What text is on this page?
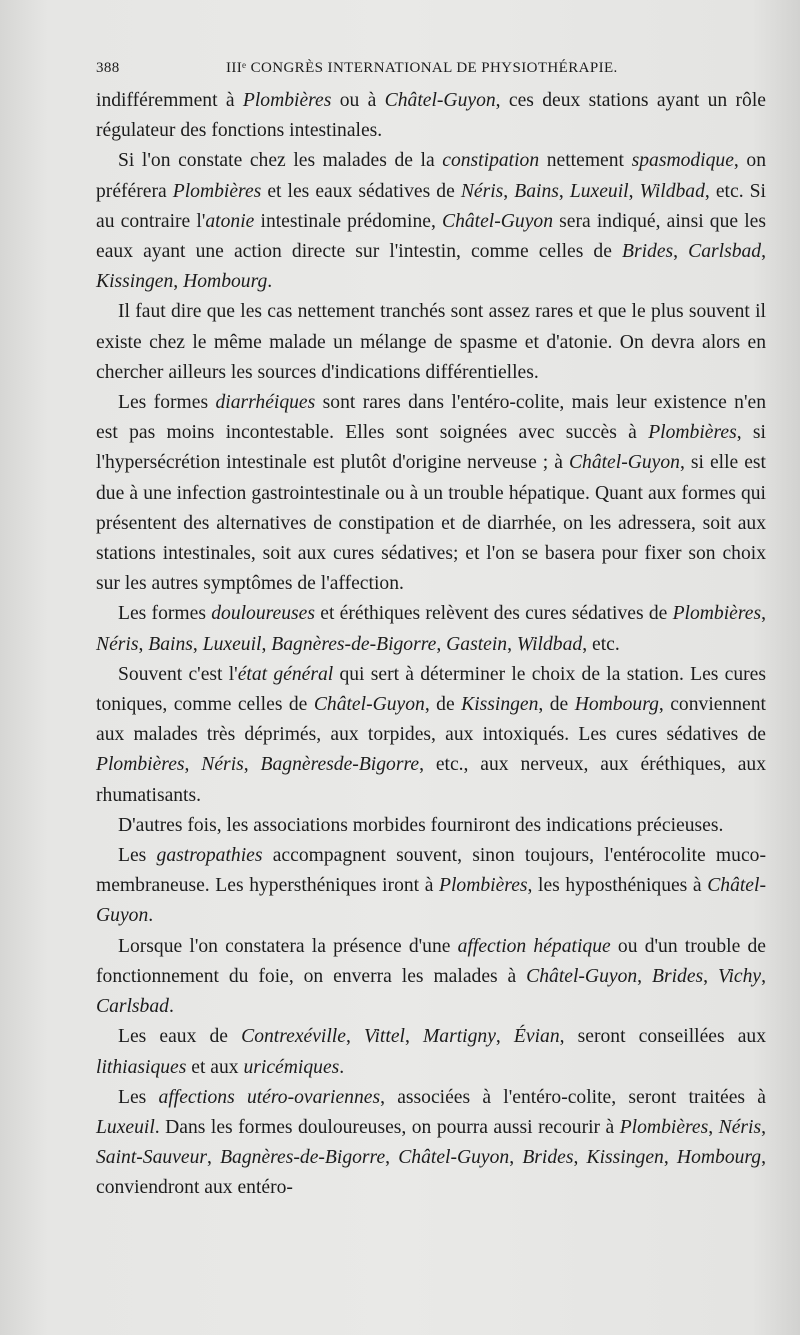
388	IIIᵉ CONGRÈS INTERNATIONAL DE PHYSIOTHÉRAPIE.

indifféremment à Plombières ou à Châtel-Guyon, ces deux stations ayant un rôle régulateur des fonctions intestinales.

Si l'on constate chez les malades de la constipation nettement spasmodique, on préférera Plombières et les eaux sédatives de Néris, Bains, Luxeuil, Wildbad, etc. Si au contraire l'atonie intestinale prédomine, Châtel-Guyon sera indiqué, ainsi que les eaux ayant une action directe sur l'intestin, comme celles de Brides, Carlsbad, Kissingen, Hombourg.

Il faut dire que les cas nettement tranchés sont assez rares et que le plus souvent il existe chez le même malade un mélange de spasme et d'atonie. On devra alors en chercher ailleurs les sources d'indications différentielles.

Les formes diarrhéiques sont rares dans l'entéro-colite, mais leur existence n'en est pas moins incontestable. Elles sont soignées avec succès à Plombières, si l'hypersécrétion intestinale est plutôt d'origine nerveuse ; à Châtel-Guyon, si elle est due à une infection gastrointestinale ou à un trouble hépatique. Quant aux formes qui présentent des alternatives de constipation et de diarrhée, on les adressera, soit aux stations intestinales, soit aux cures sédatives; et l'on se basera pour fixer son choix sur les autres symptômes de l'affection.

Les formes douloureuses et éréthiques relèvent des cures sédatives de Plombières, Néris, Bains, Luxeuil, Bagnères-de-Bigorre, Gastein, Wildbad, etc.

Souvent c'est l'état général qui sert à déterminer le choix de la station. Les cures toniques, comme celles de Châtel-Guyon, de Kissingen, de Hombourg, conviennent aux malades très déprimés, aux torpides, aux intoxiqués. Les cures sédatives de Plombières, Néris, Bagnèresde-Bigorre, etc., aux nerveux, aux éréthiques, aux rhumatisants.

D'autres fois, les associations morbides fourniront des indications précieuses.

Les gastropathies accompagnent souvent, sinon toujours, l'entérocolite muco-membraneuse. Les hypersthéniques iront à Plombières, les hyposthéniques à Châtel-Guyon.

Lorsque l'on constatera la présence d'une affection hépatique ou d'un trouble de fonctionnement du foie, on enverra les malades à Châtel-Guyon, Brides, Vichy, Carlsbad.

Les eaux de Contrexéville, Vittel, Martigny, Évian, seront conseillées aux lithiasiques et aux uricémiques.

Les affections utéro-ovariennes, associées à l'entéro-colite, seront traitées à Luxeuil. Dans les formes douloureuses, on pourra aussi recourir à Plombières, Néris, Saint-Sauveur, Bagnères-de-Bigorre, Châtel-Guyon, Brides, Kissingen, Hombourg, conviendront aux entéro-
